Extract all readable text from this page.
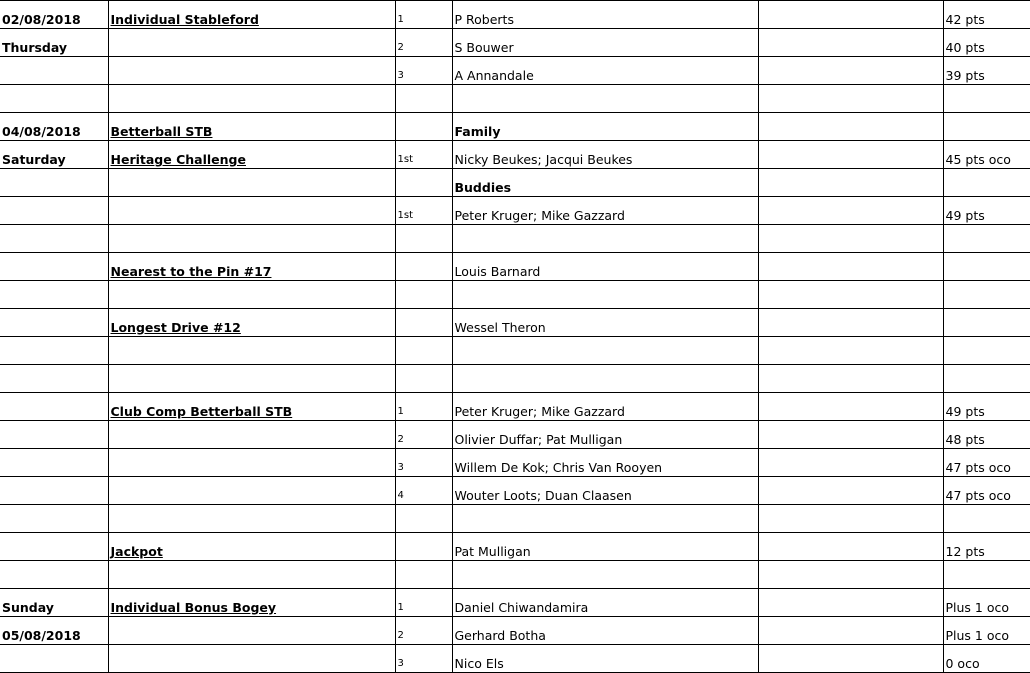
02/08/2018	Individual Stableford	1	P Roberts		42 pts
Thursday		2	S Bouwer		40 pts
		3	A Annandale		39 pts

04/08/2018	Betterball STB		Family		
Saturday	Heritage Challenge	1st	Nicky Beukes; Jacqui Beukes		45 pts oco
			Buddies		
		1st	Peter Kruger; Mike Gazzard		49 pts

	Nearest to the Pin #17		Louis Barnard		

	Longest Drive #12		Wessel Theron		

	Club Comp Betterball STB	1	Peter Kruger; Mike Gazzard		49 pts
		2	Olivier Duffar; Pat Mulligan		48 pts
		3	Willem De Kok; Chris Van Rooyen		47 pts oco
		4	Wouter Loots; Duan Claasen		47 pts oco

	Jackpot		Pat Mulligan		12 pts

Sunday	Individual Bonus Bogey	1	Daniel Chiwandamira		Plus 1 oco
05/08/2018		2	Gerhard Botha		Plus 1 oco
		3	Nico Els		0 oco
